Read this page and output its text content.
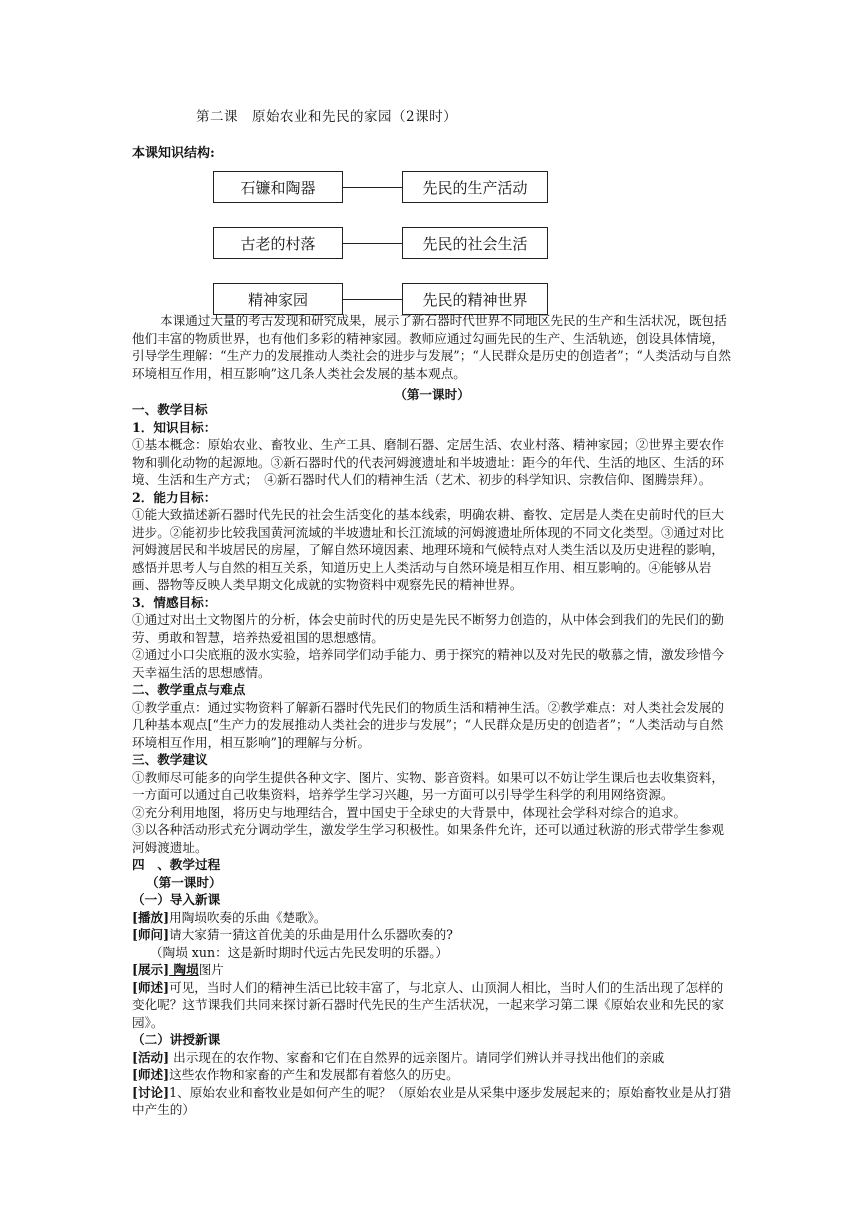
第二课　原始农业和先民的家园（2课时）
本课知识结构:
石镰和陶器	先民的生产活动
古老的村落	先民的社会生活
精神家园	先民的精神世界
本课通过大量的考古发现和研究成果，展示了新石器时代世界不同地区先民的生产和生活状况，既包括他们丰富的物质世界，也有他们多彩的精神家园。教师应通过勾画先民的生产、生活轨迹，创设具体情境，引导学生理解：“生产力的发展推动人类社会的进步与发展”；“人民群众是历史的创造者”；“人类活动与自然环境相互作用，相互影响”这几条人类社会发展的基本观点。
（第一课时）

一、教学目标

1．知识目标：

①基本概念：原始农业、畜牧业、生产工具、磨制石器、定居生活、农业村落、精神家园；②世界主要农作物和驯化动物的起源地。③新石器时代的代表河姆渡遗址和半坡遗址：距今的年代、生活的地区、生活的环境、生活和生产方式；　④新石器时代人们的精神生活（艺术、初步的科学知识、宗教信仰、图腾崇拜）。

2．能力目标：

①能大致描述新石器时代先民的社会生活变化的基本线索，明确农耕、畜牧、定居是人类在史前时代的巨大进步。②能初步比较我国黄河流域的半坡遗址和长江流域的河姆渡遗址所体现的不同文化类型。③通过对比河姆渡居民和半坡居民的房屋，了解自然环境因素、地理环境和气候特点对人类生活以及历史进程的影响，感悟并思考人与自然的相互关系，知道历史上人类活动与自然环境是相互作用、相互影响的。④能够从岩画、器物等反映人类早期文化成就的实物资料中观察先民的精神世界。

3．情感目标：

①通过对出土文物图片的分析，体会史前时代的历史是先民不断努力创造的，从中体会到我们的先民们的勤劳、勇敢和智慧，培养热爱祖国的思想感情。

②通过小口尖底瓶的汲水实验，培养同学们动手能力、勇于探究的精神以及对先民的敬慕之情，激发珍惜今天幸福生活的思想感情。

二、教学重点与难点

①教学重点：通过实物资料了解新石器时代先民们的物质生活和精神生活。②教学难点：对人类社会发展的几种基本观点[“生产力的发展推动人类社会的进步与发展”；“人民群众是历史的创造者”；“人类活动与自然环境相互作用，相互影响”]的理解与分析。

三、教学建议

①教师尽可能多的向学生提供各种文字、图片、实物、影音资料。如果可以不妨让学生课后也去收集资料，一方面可以通过自己收集资料，培养学生学习兴趣，另一方面可以引导学生科学的利用网络资源。

②充分利用地图，将历史与地理结合，置中国史于全球史的大背景中，体现社会学科对综合的追求。

③以各种活动形式充分调动学生，激发学生学习积极性。如果条件允许，还可以通过秋游的形式带学生参观河姆渡遗址。

四　、教学过程

（第一课时）

（一）导入新课

[播放]用陶埙吹奏的乐曲《楚歌》。

[师问]请大家猜一猜这首优美的乐曲是用什么乐器吹奏的?

（陶埙 xun：这是新时期时代远古先民发明的乐器。）

[展示] 陶埙图片

[师述]可见，当时人们的精神生活已比较丰富了，与北京人、山顶洞人相比，当时人们的生活出现了怎样的变化呢？这节课我们共同来探讨新石器时代先民的生产生活状况，一起来学习第二课《原始农业和先民的家园》。

（二）讲授新课

[活动] 出示现在的农作物、家畜和它们在自然界的远亲图片。请同学们辨认并寻找出他们的亲戚

[师述]这些农作物和家畜的产生和发展都有着悠久的历史。

[讨论]1、原始农业和畜牧业是如何产生的呢？（原始农业是从采集中逐步发展起来的；原始畜牧业是从打猎中产生的）
